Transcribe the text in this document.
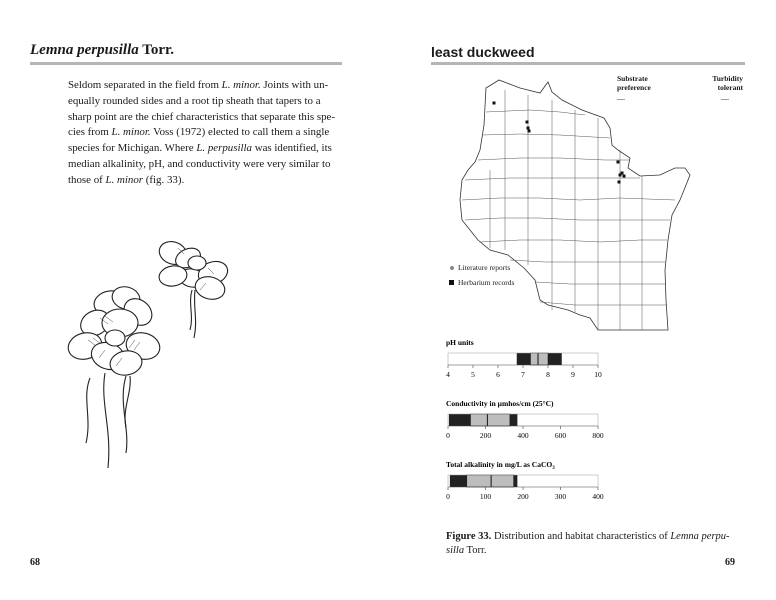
Lemna perpusilla Torr.
Seldom separated in the field from L. minor. Joints with un-equally rounded sides and a root tip sheath that tapers to a sharp point are the chief characteristics that separate this spe-cies from L. minor. Voss (1972) elected to call them a single species for Michigan. Where L. perpusilla was identified, its median alkalinity, pH, and conductivity were very similar to those of L. minor (fig. 33).
68
least duckweed
Substrate
preference
Turbidity
tolerant
—	—
Literature reports
Herbarium records
pH units
4	5	6	7	8	9	10
Conductivity in µmhos/cm (25°C)
0	200	400	600	800
Total alkalinity in mg/L as CaCO$_3$
0	100	200	300	400
Figure 33. Distribution and habitat characteristics of Lemna perpu-silla Torr.
69
